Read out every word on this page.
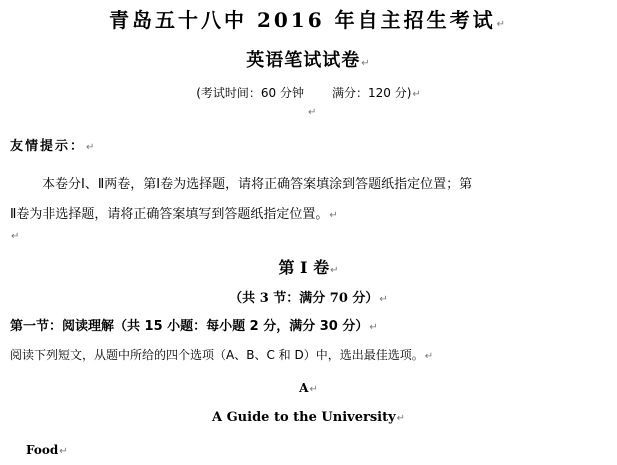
青岛五十八中 2016 年自主招生考试↵
英语笔试试卷↵
(考试时间：60 分钟 满分：120 分)↵
↵
友情提示：↵
本卷分Ⅰ、Ⅱ两卷，第Ⅰ卷为选择题，请将正确答案填涂到答题纸指定位置；第
Ⅱ卷为非选择题，请将正确答案填写到答题纸指定位置。↵
↵
第 I 卷↵
（共 3 节：满分 70 分）↵
第一节：阅读理解（共 15 小题：每小题 2 分，满分 30 分）↵
阅读下列短文，从题中所给的四个选项（A、B、C 和 D）中，选出最佳选项。↵
A↵
A Guide to the University↵
Food↵
